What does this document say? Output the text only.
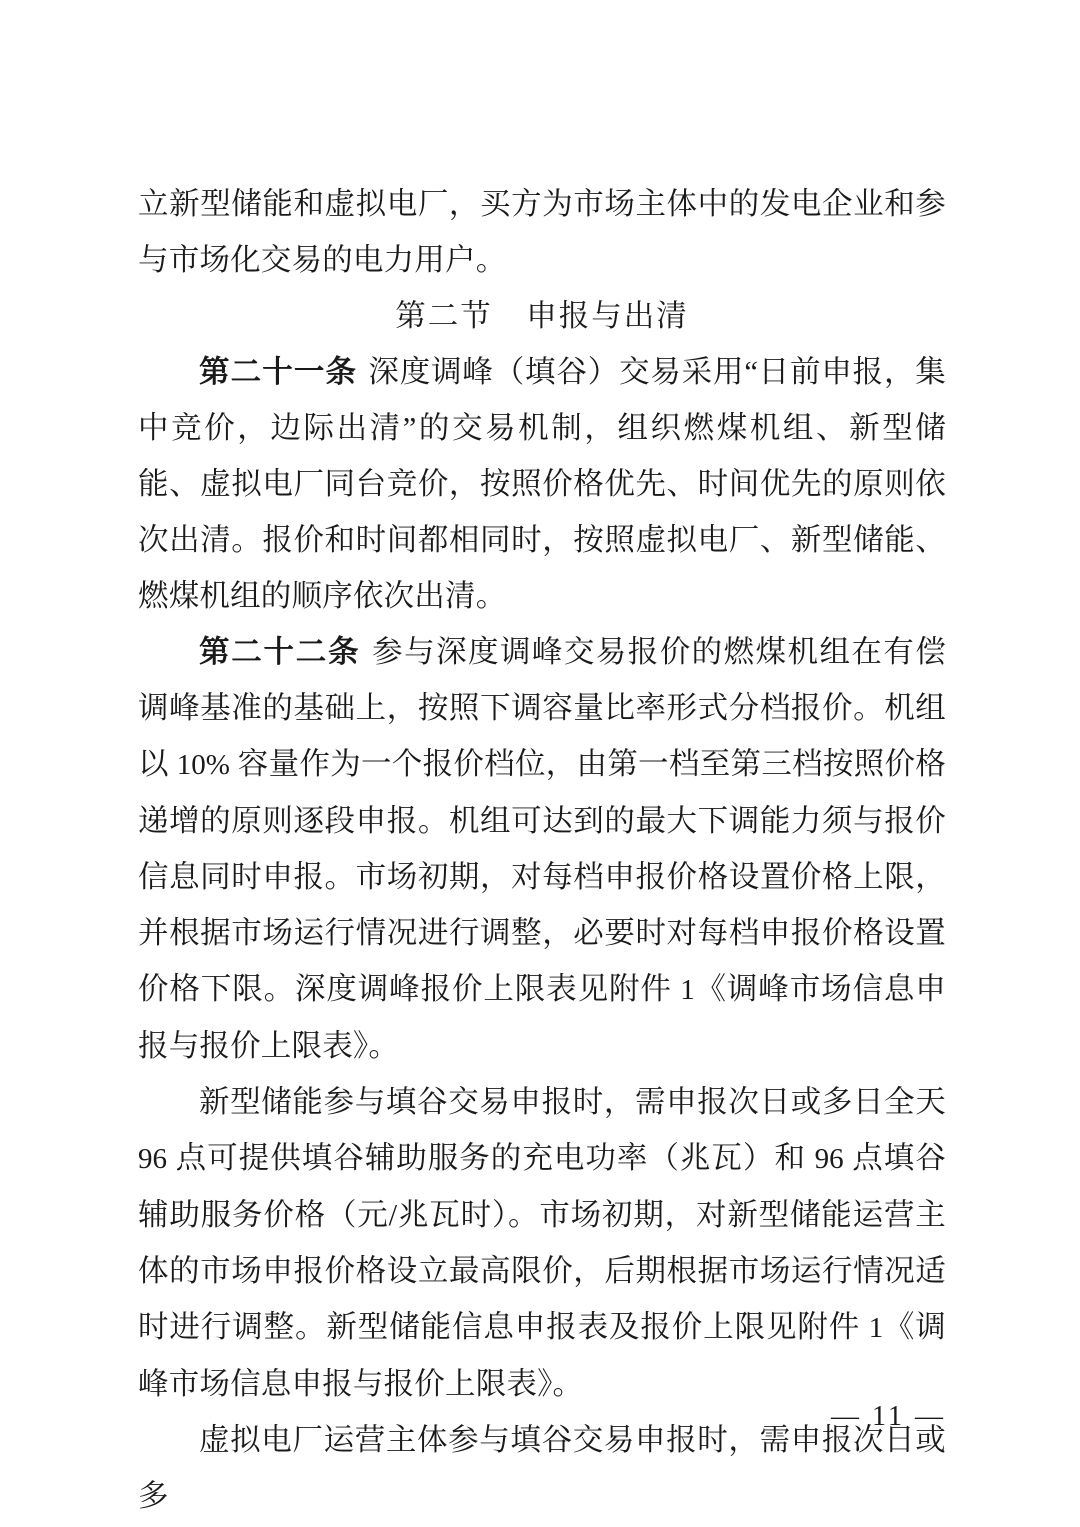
立新型储能和虚拟电厂，买方为市场主体中的发电企业和参与市场化交易的电力用户。

第二节 申报与出清

第二十一条 深度调峰（填谷）交易采用“日前申报，集中竞价，边际出清”的交易机制，组织燃煤机组、新型储能、虚拟电厂同台竞价，按照价格优先、时间优先的原则依次出清。报价和时间都相同时，按照虚拟电厂、新型储能、燃煤机组的顺序依次出清。

第二十二条 参与深度调峰交易报价的燃煤机组在有偿调峰基准的基础上，按照下调容量比率形式分档报价。机组以 10% 容量作为一个报价档位，由第一档至第三档按照价格递增的原则逐段申报。机组可达到的最大下调能力须与报价信息同时申报。市场初期，对每档申报价格设置价格上限，并根据市场运行情况进行调整，必要时对每档申报价格设置价格下限。深度调峰报价上限表见附件 1《调峰市场信息申报与报价上限表》。

新型储能参与填谷交易申报时，需申报次日或多日全天 96 点可提供填谷辅助服务的充电功率（兆瓦）和 96 点填谷辅助服务价格（元/兆瓦时）。市场初期，对新型储能运营主体的市场申报价格设立最高限价，后期根据市场运行情况适时进行调整。新型储能信息申报表及报价上限见附件 1《调峰市场信息申报与报价上限表》。

虚拟电厂运营主体参与填谷交易申报时，需申报次日或多

— 11 —
